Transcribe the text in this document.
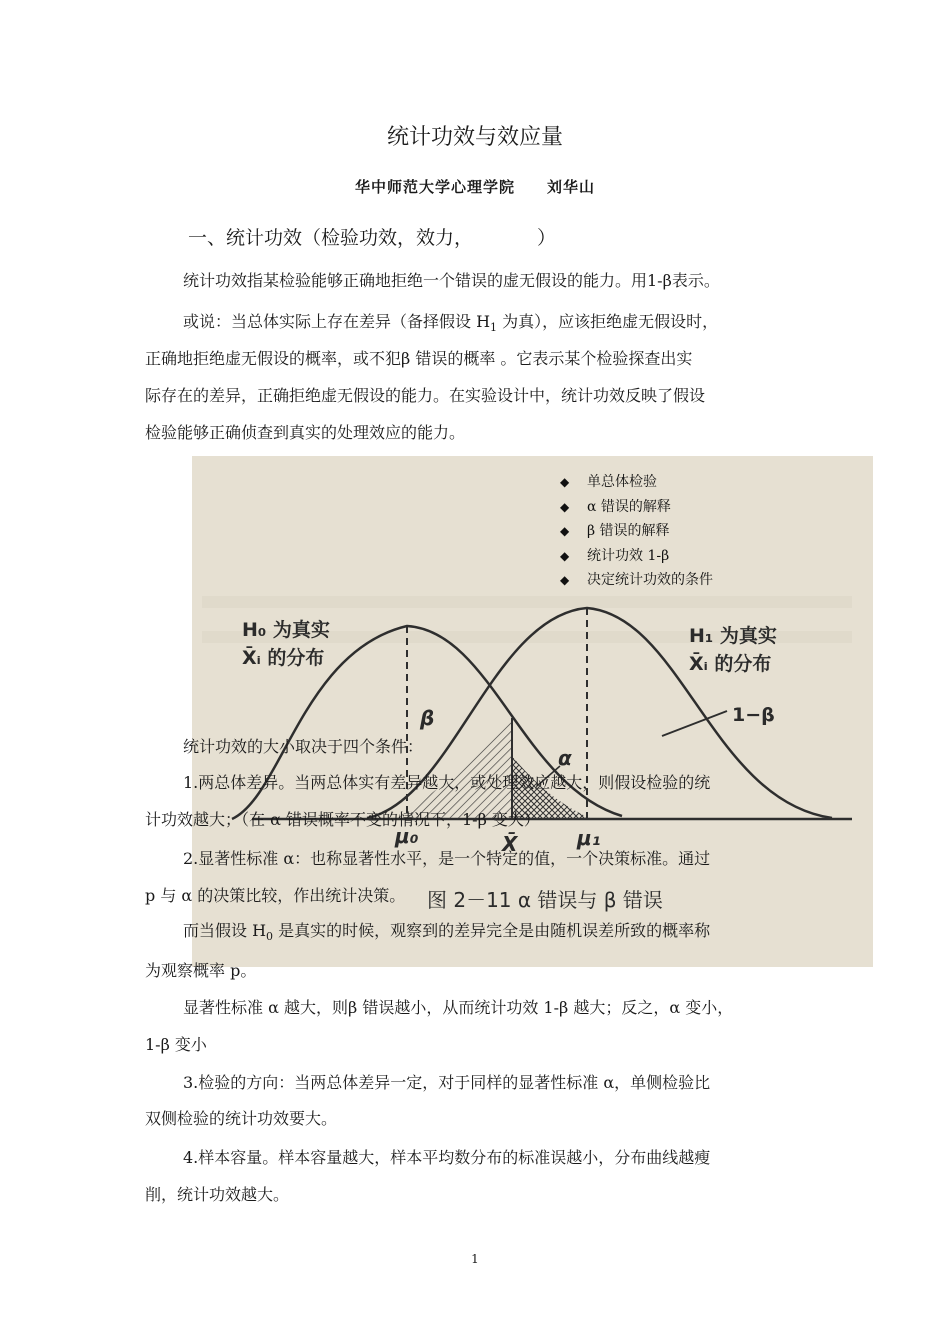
统计功效与效应量
华中师范大学心理学院 刘华山
一、统计功效（检验功效，效力，	）
统计功效指某检验能够正确地拒绝一个错误的虚无假设的能力。用1-β表示。
或说：当总体实际上存在差异（备择假设 $H_1$ 为真），应该拒绝虚无假设时，
正确地拒绝虚无假设的概率，或不犯β 错误的概率 。它表示某个检验探查出实
际存在的差异，正确拒绝虚无假设的能力。在实验设计中，统计功效反映了假设
检验能够正确侦查到真实的处理效应的能力。
◆ 单总体检验
◆ α 错误的解释
◆ β 错误的解释
◆ 统计功效 1-β
◆ 决定统计功效的条件
H₀ 为真实
X̄ᵢ 的分布
H₁ 为真实
X̄ᵢ 的分布
1−β
α
β
μ₀	μ₁
X̄
图 2－11 α 错误与 β 错误
统计功效的大小取决于四个条件：
1.两总体差异。当两总体实有差异越大，或处理效应越大，则假设检验的统
计功效越大；（在 α 错误概率不变的情况下，1-β 变大）
2.显著性标准 α：也称显著性水平，是一个特定的值，一个决策标准。通过
p 与 α 的决策比较，作出统计决策。
而当假设 $H_0$ 是真实的时候，观察到的差异完全是由随机误差所致的概率称
为观察概率 p。
显著性标准 α 越大，则β 错误越小，从而统计功效 1-β 越大；反之，α 变小，
1-β 变小
3.检验的方向：当两总体差异一定，对于同样的显著性标准 α，单侧检验比
双侧检验的统计功效要大。
4.样本容量。样本容量越大，样本平均数分布的标准误越小，分布曲线越瘦
削，统计功效越大。
1
